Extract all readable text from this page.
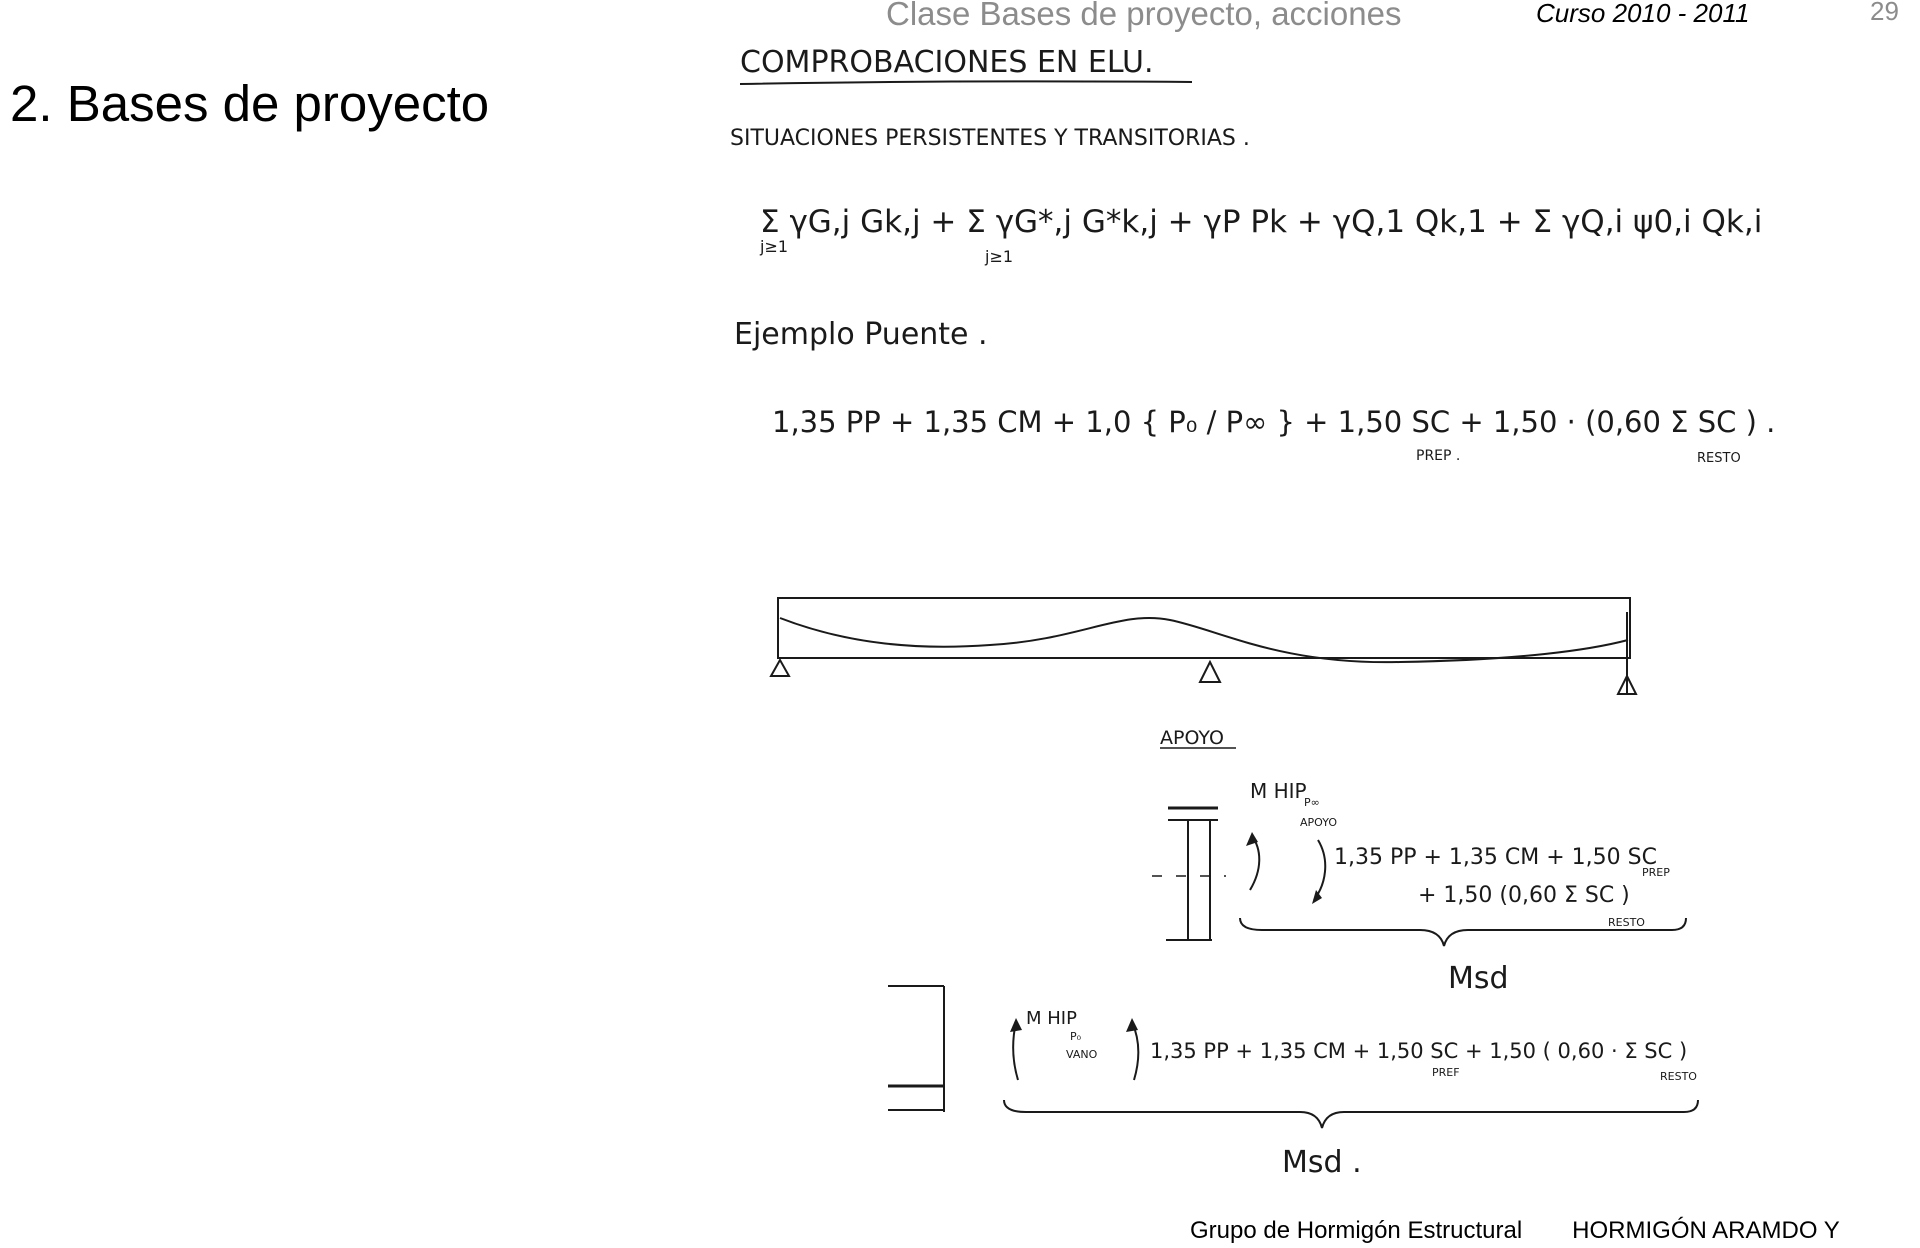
Clase Bases de proyecto, acciones	Curso 2010 - 2011	29
2. Bases de proyecto
COMPROBACIONES EN ELU.
SITUACIONES PERSISTENTES Y TRANSITORIAS .
Σ γG,j Gk,j + Σ γG*,j G*k,j + γP Pk + γQ,1 Qk,1 + Σ γQ,i ψ0,i Qk,i
j≥1
j≥1
Ejemplo Puente .
1,35 PP + 1,35 CM + 1,0 { P₀ / P∞ } + 1,50 SC + 1,50 · (0,60 Σ SC ) .
PREP .	RESTO
APOYO
M HIP
P∞
APOYO
1,35 PP + 1,35 CM + 1,50 SC
PREP
+ 1,50 (0,60 Σ SC )
RESTO
Msd
M HIP
P₀
VANO	1,35 PP + 1,35 CM + 1,50 SC + 1,50 ( 0,60 · Σ SC )
PREF	RESTO
Msd .
Grupo de Hormigón Estructural HORMIGÓN ARAMDO Y
